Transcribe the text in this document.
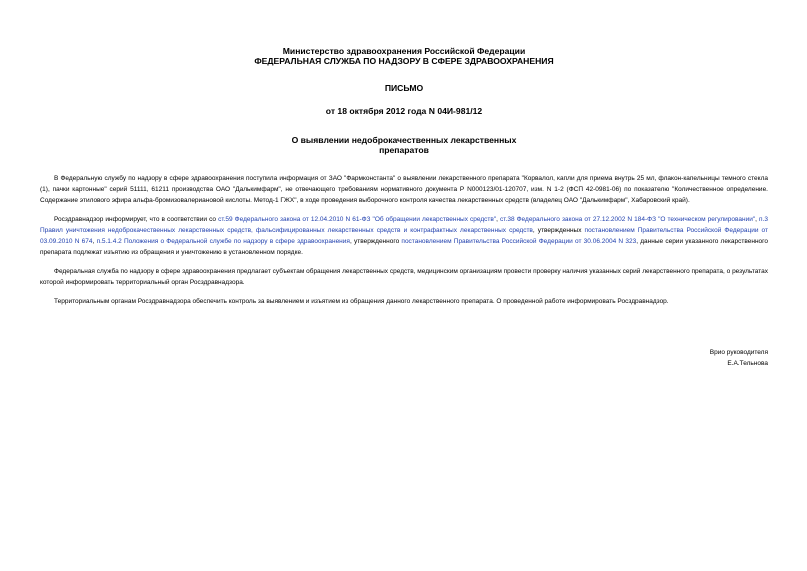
Министерство здравоохранения Российской Федерации
ФЕДЕРАЛЬНАЯ СЛУЖБА ПО НАДЗОРУ В СФЕРЕ ЗДРАВООХРАНЕНИЯ
ПИСЬМО
от 18 октября 2012 года N 04И-981/12
О выявлении недоброкачественных лекарственных препаратов

В Федеральную службу по надзору в сфере здравоохранения поступила информация от ЗАО "Фармконстанта" о выявлении лекарственного препарата "Корвалол, капли для приема внутрь 25 мл, флакон-капельницы темного стекла (1), пачки картонные" серий 51111, 61211 производства ОАО "Далькимфарм", не отвечающего требованиям нормативного документа Р N000123/01-120707, изм. N 1-2 (ФСП 42-0981-06) по показателю "Количественное определение. Содержание этилового эфира альфа-бромизовалериановой кислоты. Метод-1 ГЖХ", в ходе проведения выборочного контроля качества лекарственных средств (владелец ОАО "Далькимфарм", Хабаровский край).

Росздравнадзор информирует, что в соответствии со ст.59 Федерального закона от 12.04.2010 N 61-ФЗ "Об обращении лекарственных средств", ст.38 Федерального закона от 27.12.2002 N 184-ФЗ "О техническом регулировании", п.3 Правил уничтожения недоброкачественных лекарственных средств, фальсифицированных лекарственных средств и контрафактных лекарственных средств, утвержденных постановлением Правительства Российской Федерации от 03.09.2010 N 674, п.5.1.4.2 Положения о Федеральной службе по надзору в сфере здравоохранения, утвержденного постановлением Правительства Российской Федерации от 30.06.2004 N 323, данные серии указанного лекарственного препарата подлежат изъятию из обращения и уничтожению в установленном порядке.

Федеральная служба по надзору в сфере здравоохранения предлагает субъектам обращения лекарственных средств, медицинским организациям провести проверку наличия указанных серий лекарственного препарата, о результатах которой информировать территориальный орган Росздравнадзора.

Территориальным органам Росздравнадзора обеспечить контроль за выявлением и изъятием из обращения данного лекарственного препарата. О проведенной работе информировать Росздравнадзор.

Врио руководителя
Е.А.Тельнова
